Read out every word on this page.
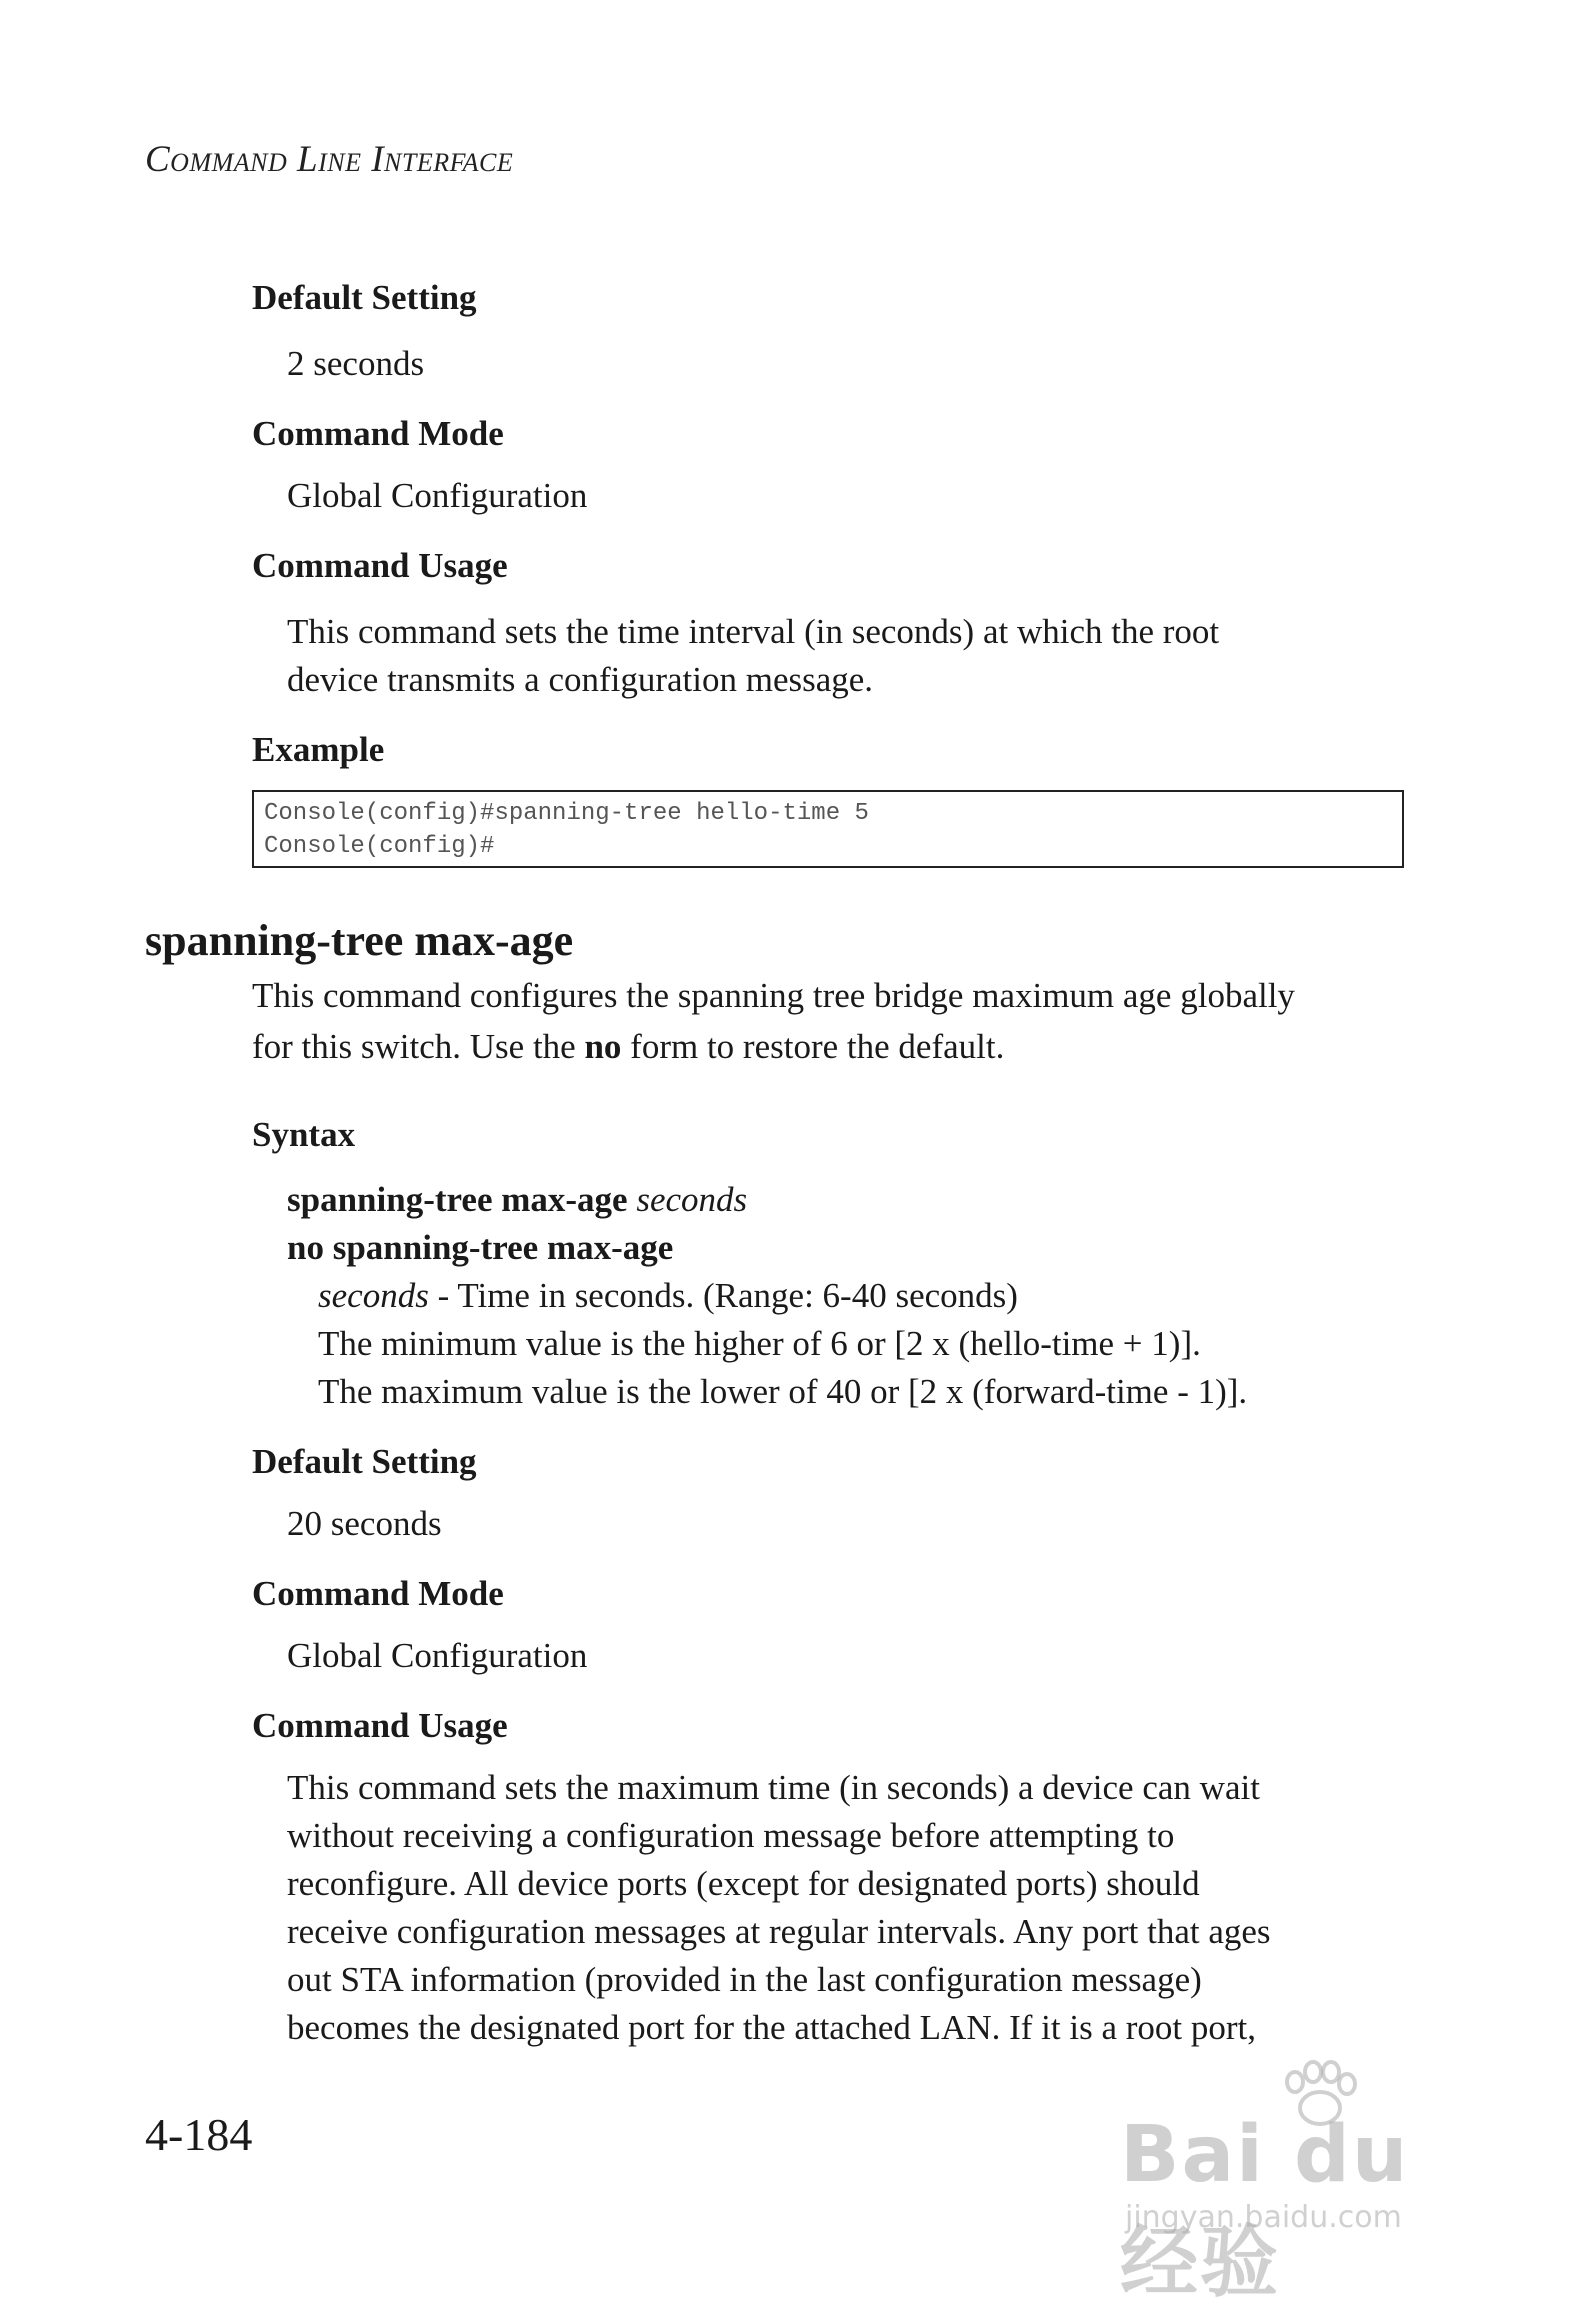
Command Line Interface
Default Setting
2 seconds
Command Mode
Global Configuration
Command Usage
This command sets the time interval (in seconds) at which the root
device transmits a configuration message.
Example
Console(config)#spanning-tree hello-time 5
Console(config)#
spanning-tree max-age
This command configures the spanning tree bridge maximum age globally
for this switch. Use the no form to restore the default.
Syntax
spanning-tree max-age seconds
no spanning-tree max-age
seconds - Time in seconds. (Range: 6-40 seconds)
The minimum value is the higher of 6 or [2 x (hello-time + 1)].
The maximum value is the lower of 40 or [2 x (forward-time - 1)].
Default Setting
20 seconds
Command Mode
Global Configuration
Command Usage
This command sets the maximum time (in seconds) a device can wait
without receiving a configuration message before attempting to
reconfigure. All device ports (except for designated ports) should
receive configuration messages at regular intervals. Any port that ages
out STA information (provided in the last configuration message)
becomes the designated port for the attached LAN. If it is a root port,
4-184	Bai du 经验
jingyan.baidu.com
